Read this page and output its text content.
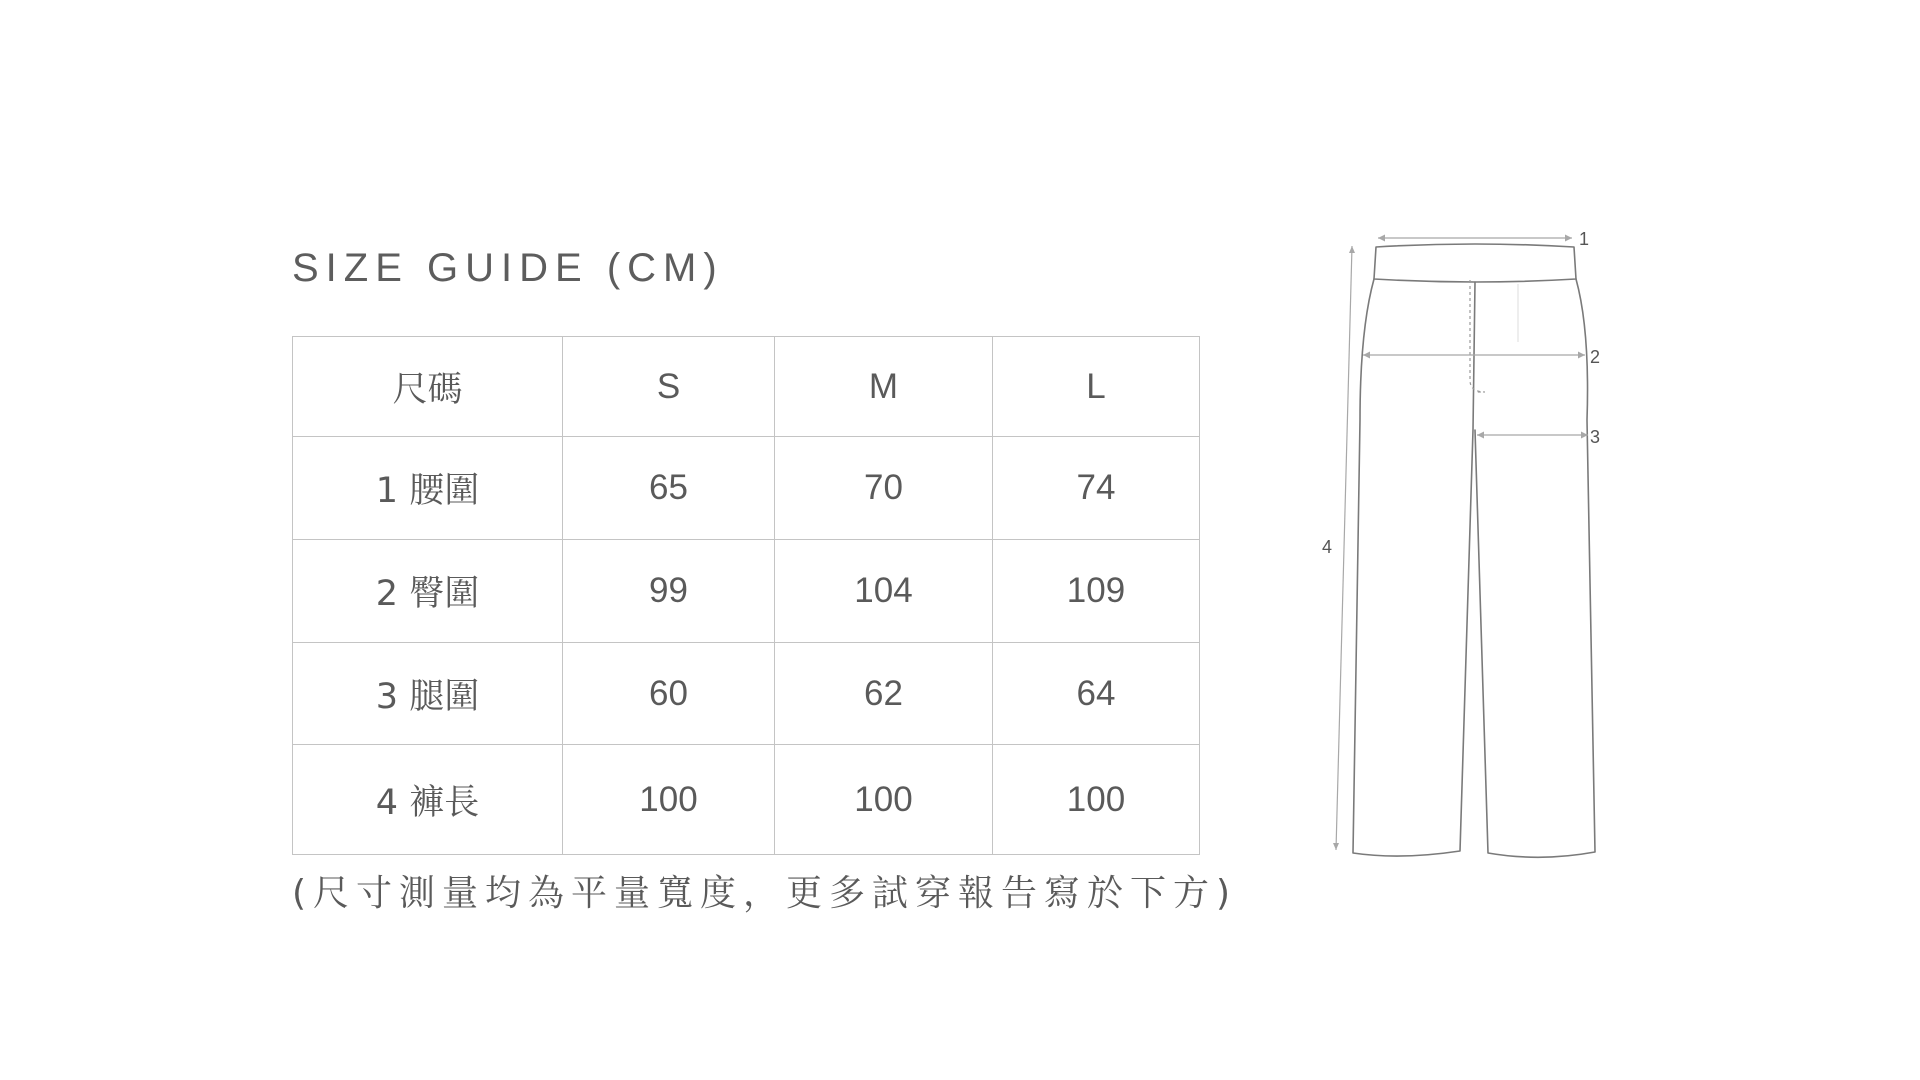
SIZE GUIDE (CM)
尺碼	S	M	L
1 腰圍	65	70	74
2 臀圍	99	104	109
3 腿圍	60	62	64
4 褲長	100	100	100
(尺寸測量均為平量寬度，更多試穿報告寫於下方)
1
2
3
4
